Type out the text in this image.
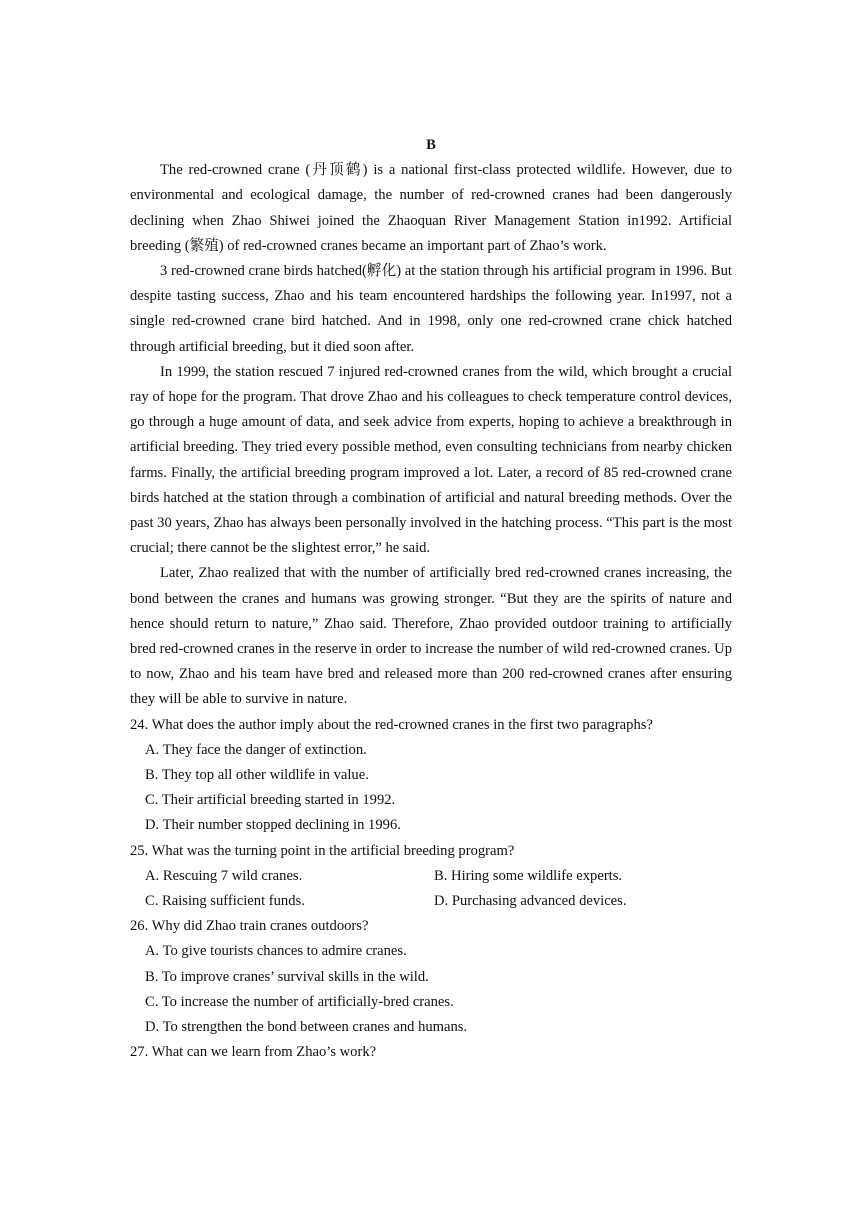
B

The red-crowned crane (丹顶鹤) is a national first-class protected wildlife. However, due to environmental and ecological damage, the number of red-crowned cranes had been dangerously declining when Zhao Shiwei joined the Zhaoquan River Management Station in1992. Artificial breeding (繁殖) of red-crowned cranes became an important part of Zhao’s work.

3 red-crowned crane birds hatched(孵化) at the station through his artificial program in 1996. But despite tasting success, Zhao and his team encountered hardships the following year. In1997, not a single red-crowned crane bird hatched. And in 1998, only one red-crowned crane chick hatched through artificial breeding, but it died soon after.

In 1999, the station rescued 7 injured red-crowned cranes from the wild, which brought a crucial ray of hope for the program. That drove Zhao and his colleagues to check temperature control devices, go through a huge amount of data, and seek advice from experts, hoping to achieve a breakthrough in artificial breeding. They tried every possible method, even consulting technicians from nearby chicken farms. Finally, the artificial breeding program improved a lot. Later, a record of 85 red-crowned crane birds hatched at the station through a combination of artificial and natural breeding methods. Over the past 30 years, Zhao has always been personally involved in the hatching process. “This part is the most crucial; there cannot be the slightest error,” he said.

Later, Zhao realized that with the number of artificially bred red-crowned cranes increasing, the bond between the cranes and humans was growing stronger. “But they are the spirits of nature and hence should return to nature,” Zhao said. Therefore, Zhao provided outdoor training to artificially bred red-crowned cranes in the reserve in order to increase the number of wild red-crowned cranes. Up to now, Zhao and his team have bred and released more than 200 red-crowned cranes after ensuring they will be able to survive in nature.

24. What does the author imply about the red-crowned cranes in the first two paragraphs?

A. They face the danger of extinction.

B. They top all other wildlife in value.

C. Their artificial breeding started in 1992.

D. Their number stopped declining in 1996.

25. What was the turning point in the artificial breeding program?

A. Rescuing 7 wild cranes.	B. Hiring some wildlife experts.
C. Raising sufficient funds.	D. Purchasing advanced devices.

26. Why did Zhao train cranes outdoors?

A. To give tourists chances to admire cranes.

B. To improve cranes’ survival skills in the wild.

C. To increase the number of artificially-bred cranes.

D. To strengthen the bond between cranes and humans.

27. What can we learn from Zhao’s work?
